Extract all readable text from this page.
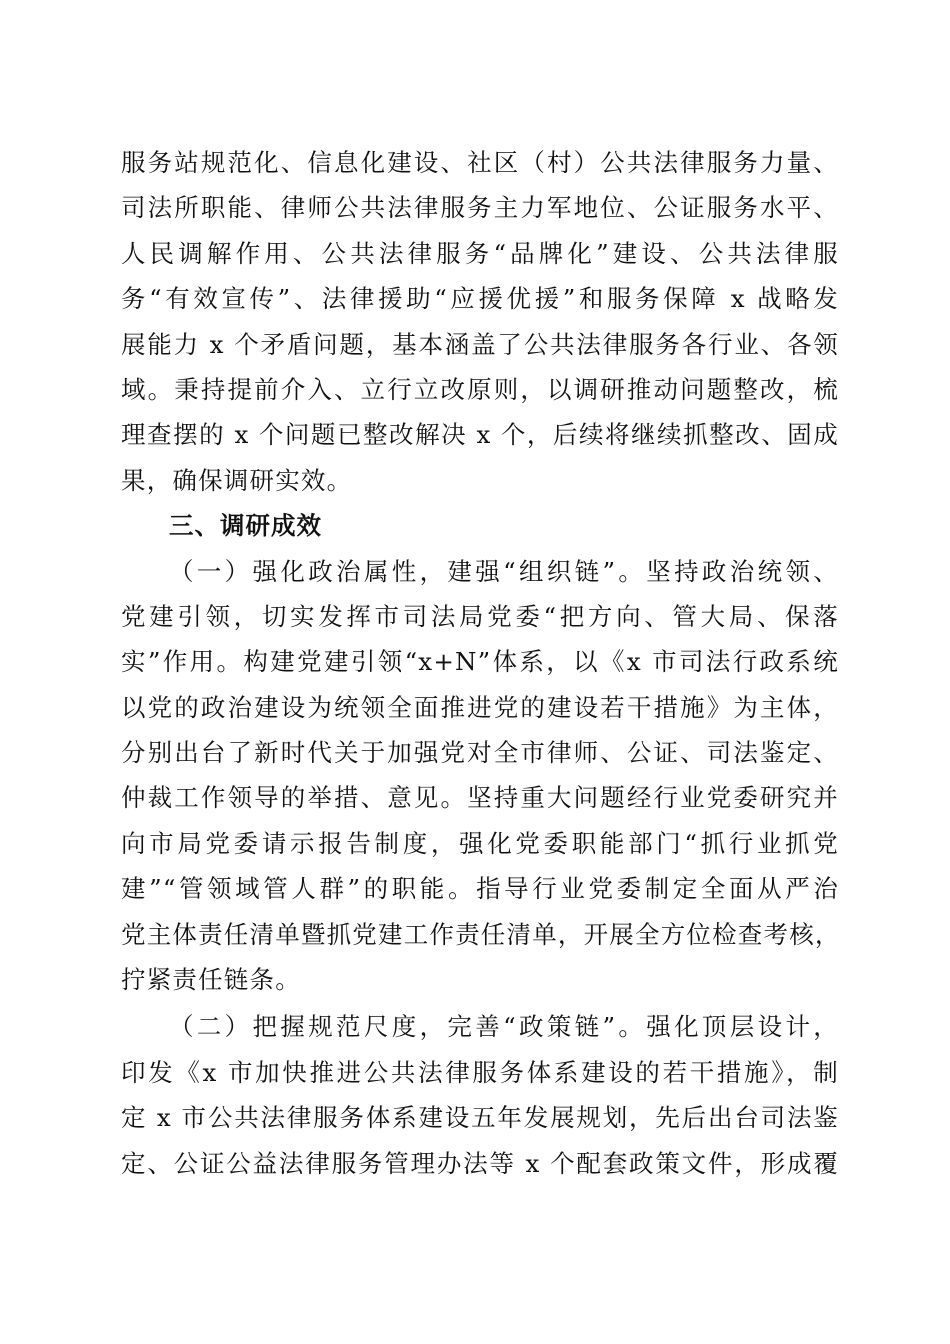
服务站规范化、信息化建设、社区（村）公共法律服务力量、
司法所职能、律师公共法律服务主力军地位、公证服务水平、
人民调解作用、公共法律服务“品牌化”建设、公共法律服
务“有效宣传”、法律援助“应援优援”和服务保障 x 战略发
展能力 x 个矛盾问题，基本涵盖了公共法律服务各行业、各领
域。秉持提前介入、立行立改原则，以调研推动问题整改，梳
理查摆的 x 个问题已整改解决 x 个，后续将继续抓整改、固成
果，确保调研实效。
三、调研成效
（一）强化政治属性，建强“组织链”。坚持政治统领、
党建引领，切实发挥市司法局党委“把方向、管大局、保落
实”作用。构建党建引领“x+N”体系，以《x 市司法行政系统
以党的政治建设为统领全面推进党的建设若干措施》为主体，
分别出台了新时代关于加强党对全市律师、公证、司法鉴定、
仲裁工作领导的举措、意见。坚持重大问题经行业党委研究并
向市局党委请示报告制度，强化党委职能部门“抓行业抓党
建”“管领域管人群”的职能。指导行业党委制定全面从严治
党主体责任清单暨抓党建工作责任清单，开展全方位检查考核，
拧紧责任链条。
（二）把握规范尺度，完善“政策链”。强化顶层设计，
印发《x 市加快推进公共法律服务体系建设的若干措施》，制
定 x 市公共法律服务体系建设五年发展规划，先后出台司法鉴
定、公证公益法律服务管理办法等 x 个配套政策文件，形成覆
